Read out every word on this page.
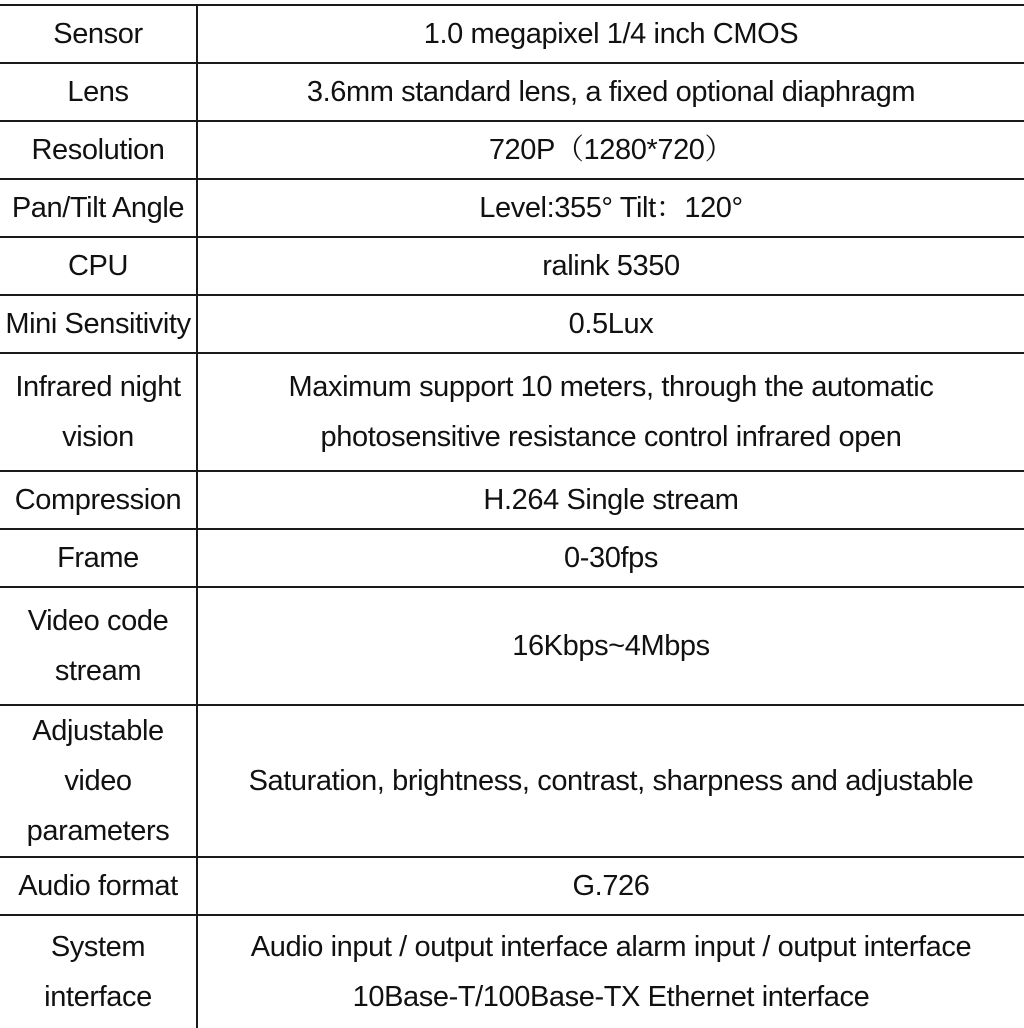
Sensor	1.0 megapixel 1/4 inch CMOS
Lens	3.6mm standard lens, a fixed optional diaphragm
Resolution	720P（1280*720）
Pan/Tilt Angle	Level:355° Tilt：120°
CPU	ralink 5350
Mini Sensitivity	0.5Lux
Infrared night vision	Maximum support 10 meters, through the automatic photosensitive resistance control infrared open
Compression	H.264 Single stream
Frame	0-30fps
Video code stream	16Kbps~4Mbps
Adjustable video parameters	Saturation, brightness, contrast, sharpness and adjustable
Audio format	G.726
System interface	Audio input / output interface alarm input / output interface 10Base-T/100Base-TX Ethernet interface
